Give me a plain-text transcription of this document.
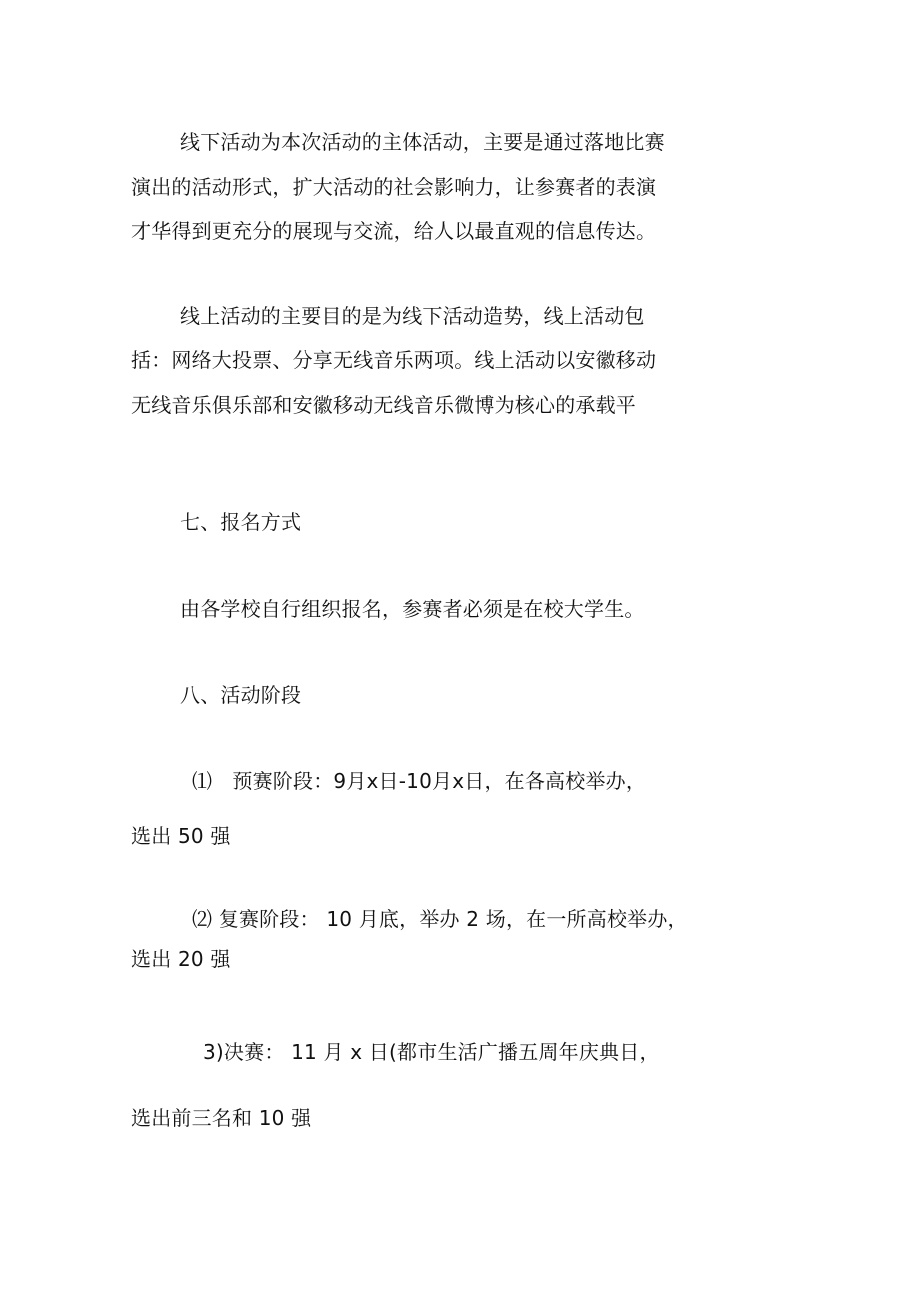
线下活动为本次活动的主体活动，主要是通过落地比赛
演出的活动形式，扩大活动的社会影响力，让参赛者的表演
才华得到更充分的展现与交流，给人以最直观的信息传达。
线上活动的主要目的是为线下活动造势，线上活动包
括：网络大投票、分享无线音乐两项。线上活动以安徽移动
无线音乐俱乐部和安徽移动无线音乐微博为核心的承载平
七、报名方式
由各学校自行组织报名，参赛者必须是在校大学生。
八、活动阶段
⑴　预赛阶段：9月x日-10月x日，在各高校举办，
选出 50 强
⑵ 复赛阶段： 10 月底，举办 2 场，在一所高校举办，
选出 20 强
3)决赛： 11 月 x 日(都市生活广播五周年庆典日，
选出前三名和 10 强
